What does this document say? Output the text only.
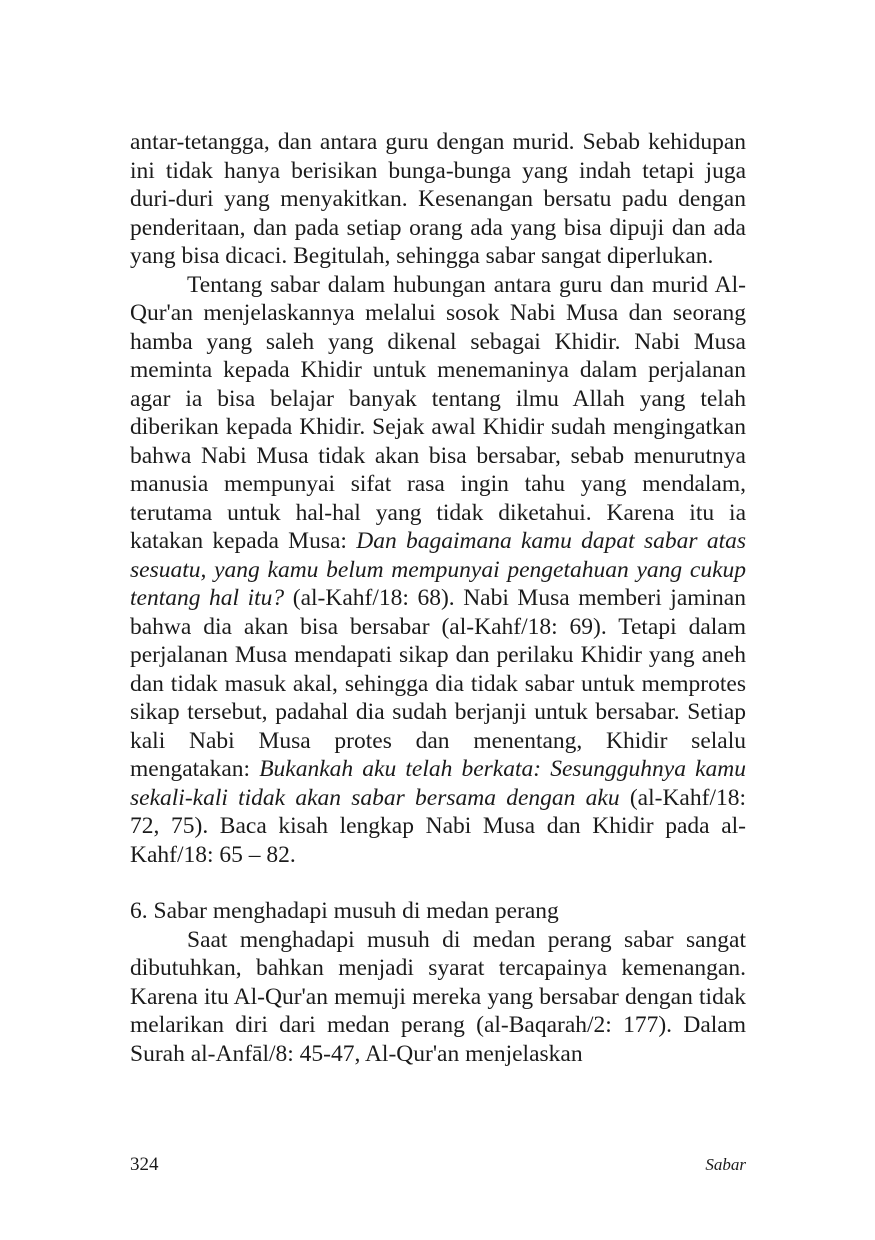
antar-tetangga, dan antara guru dengan murid. Sebab kehidupan ini tidak hanya berisikan bunga-bunga yang indah tetapi juga duri-duri yang menyakitkan. Kesenangan bersatu padu dengan penderitaan, dan pada setiap orang ada yang bisa dipuji dan ada yang bisa dicaci. Begitulah, sehingga sabar sangat diperlukan.

Tentang sabar dalam hubungan antara guru dan murid Al-Qur'an menjelaskannya melalui sosok Nabi Musa dan seorang hamba yang saleh yang dikenal sebagai Khidir. Nabi Musa meminta kepada Khidir untuk menemaninya dalam perjalanan agar ia bisa belajar banyak tentang ilmu Allah yang telah diberikan kepada Khidir. Sejak awal Khidir sudah mengingatkan bahwa Nabi Musa tidak akan bisa bersabar, sebab menurutnya manusia mempunyai sifat rasa ingin tahu yang mendalam, terutama untuk hal-hal yang tidak diketahui. Karena itu ia katakan kepada Musa: Dan bagaimana kamu dapat sabar atas sesuatu, yang kamu belum mempunyai pengetahuan yang cukup tentang hal itu? (al-Kahf/18: 68). Nabi Musa memberi jaminan bahwa dia akan bisa bersabar (al-Kahf/18: 69). Tetapi dalam perjalanan Musa mendapati sikap dan perilaku Khidir yang aneh dan tidak masuk akal, sehingga dia tidak sabar untuk memprotes sikap tersebut, padahal dia sudah berjanji untuk bersabar. Setiap kali Nabi Musa protes dan menentang, Khidir selalu mengatakan: Bukankah aku telah berkata: Sesungguhnya kamu sekali-kali tidak akan sabar bersama dengan aku (al-Kahf/18: 72, 75). Baca kisah lengkap Nabi Musa dan Khidir pada al-Kahf/18: 65 – 82.

6. Sabar menghadapi musuh di medan perang

Saat menghadapi musuh di medan perang sabar sangat dibutuhkan, bahkan menjadi syarat tercapainya kemenangan. Karena itu Al-Qur'an memuji mereka yang bersabar dengan tidak melarikan diri dari medan perang (al-Baqarah/2: 177). Dalam Surah al-Anfāl/8: 45-47, Al-Qur'an menjelaskan

324	Sabar
